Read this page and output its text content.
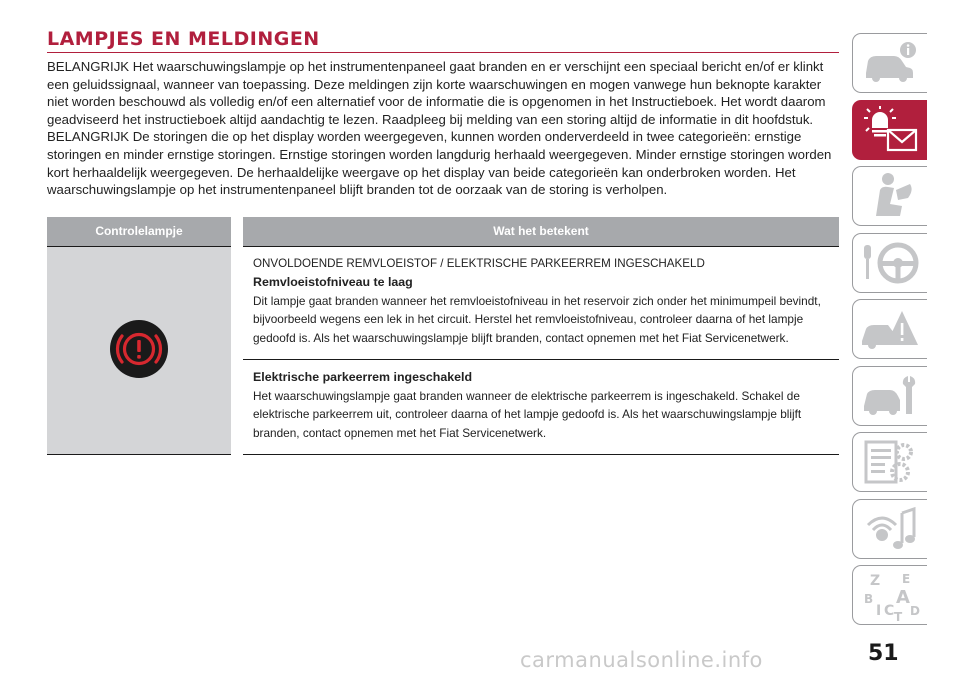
LAMPJES EN MELDINGEN

BELANGRIJK Het waarschuwingslampje op het instrumentenpaneel gaat branden en er verschijnt een speciaal bericht en/of er klinkt een geluidssignaal, wanneer van toepassing. Deze meldingen zijn korte waarschuwingen en mogen vanwege hun beknopte karakter niet worden beschouwd als volledig en/of een alternatief voor de informatie die is opgenomen in het Instructieboek. Het wordt daarom geadviseerd het instructieboek altijd aandachtig te lezen. Raadpleeg bij melding van een storing altijd de informatie in dit hoofdstuk.

BELANGRIJK De storingen die op het display worden weergegeven, kunnen worden onderverdeeld in twee categorieën: ernstige storingen en minder ernstige storingen. Ernstige storingen worden langdurig herhaald weergegeven. Minder ernstige storingen worden kort herhaaldelijk weergegeven. De herhaaldelijke weergave op het display van beide categorieën kan onderbroken worden. Het waarschuwingslampje op het instrumentenpaneel blijft branden tot de oorzaak van de storing is verholpen.

Controlelampje	Wat het betekent

ONVOLDOENDE REMVLOEISTOF / ELEKTRISCHE PARKEERREM INGESCHAKELD
Remvloeistofniveau te laag
Dit lampje gaat branden wanneer het remvloeistofniveau in het reservoir zich onder het minimumpeil bevindt, bijvoorbeeld wegens een lek in het circuit. Herstel het remvloeistofniveau, controleer daarna of het lampje gedoofd is. Als het waarschuwingslampje blijft branden, contact opnemen met het Fiat Servicenetwerk.

	Elektrische parkeerrem ingeschakeld
Het waarschuwingslampje gaat branden wanneer de elektrische parkeerrem is ingeschakeld. Schakel de elektrische parkeerrem uit, controleer daarna of het lampje gedoofd is. Als het waarschuwingslampje blijft branden, contact opnemen met het Fiat Servicenetwerk.
Z E
B A
I C D
T
51
carmanualsonline.info
